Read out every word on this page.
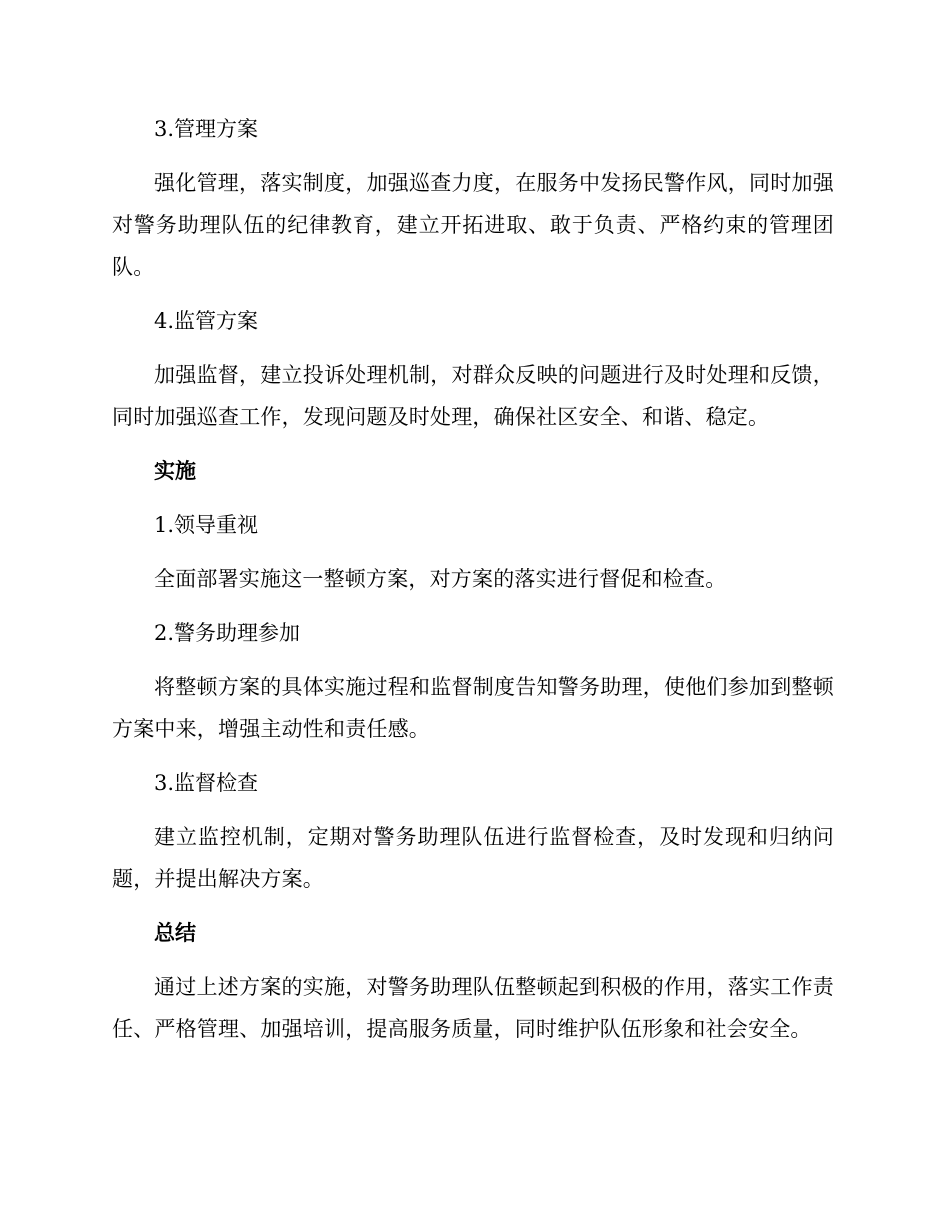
3.管理方案

强化管理，落实制度，加强巡查力度，在服务中发扬民警作风，同时加强对警务助理队伍的纪律教育，建立开拓进取、敢于负责、严格约束的管理团队。

4.监管方案

加强监督，建立投诉处理机制，对群众反映的问题进行及时处理和反馈，同时加强巡查工作，发现问题及时处理，确保社区安全、和谐、稳定。

实施

1.领导重视

全面部署实施这一整顿方案，对方案的落实进行督促和检查。

2.警务助理参加

将整顿方案的具体实施过程和监督制度告知警务助理，使他们参加到整顿方案中来，增强主动性和责任感。

3.监督检查

建立监控机制，定期对警务助理队伍进行监督检查，及时发现和归纳问题，并提出解决方案。

总结

通过上述方案的实施，对警务助理队伍整顿起到积极的作用，落实工作责任、严格管理、加强培训，提高服务质量，同时维护队伍形象和社会安全。
